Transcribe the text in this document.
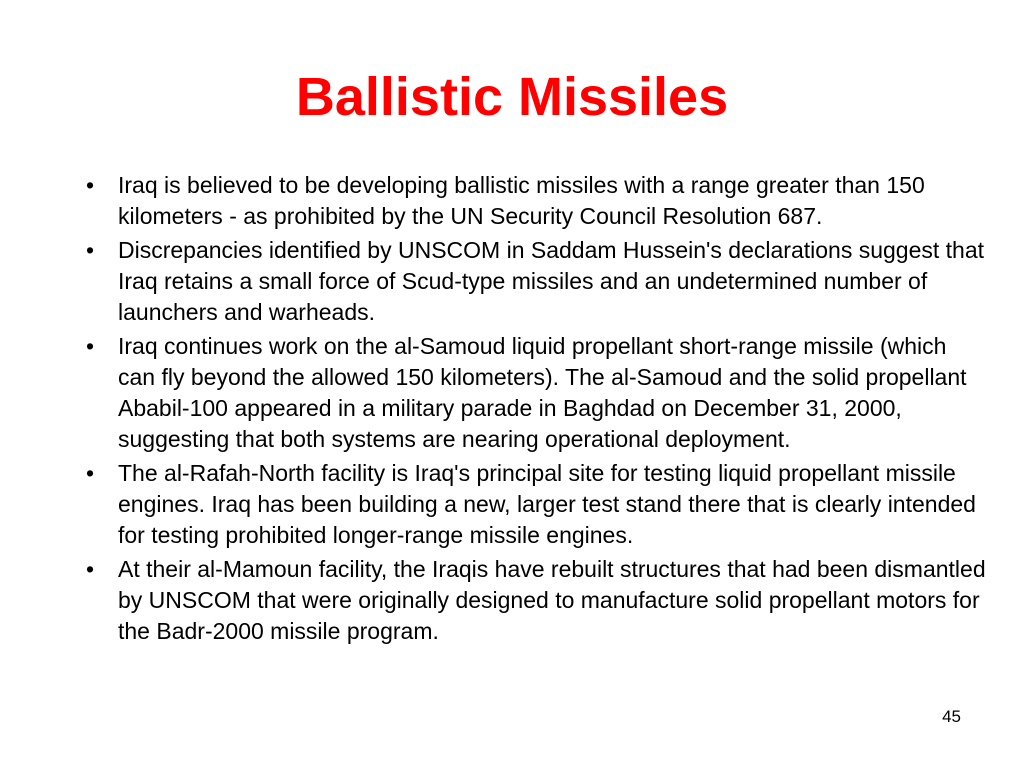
Ballistic Missiles
•	Iraq is believed to be developing ballistic missiles with a range greater than 150 kilometers - as prohibited by the UN Security Council Resolution 687.
•	Discrepancies identified by UNSCOM in Saddam Hussein's declarations suggest that Iraq retains a small force of Scud-type missiles and an undetermined number of launchers and warheads.
•	Iraq continues work on the al-Samoud liquid propellant short-range missile (which can fly beyond the allowed 150 kilometers). The al-Samoud and the solid propellant Ababil-100 appeared in a military parade in Baghdad on December 31, 2000, suggesting that both systems are nearing operational deployment.
•	The al-Rafah-North facility is Iraq's principal site for testing liquid propellant missile engines. Iraq has been building a new, larger test stand there that is clearly intended for testing prohibited longer-range missile engines.
•	At their al-Mamoun facility, the Iraqis have rebuilt structures that had been dismantled by UNSCOM that were originally designed to manufacture solid propellant motors for the Badr-2000 missile program.
45
